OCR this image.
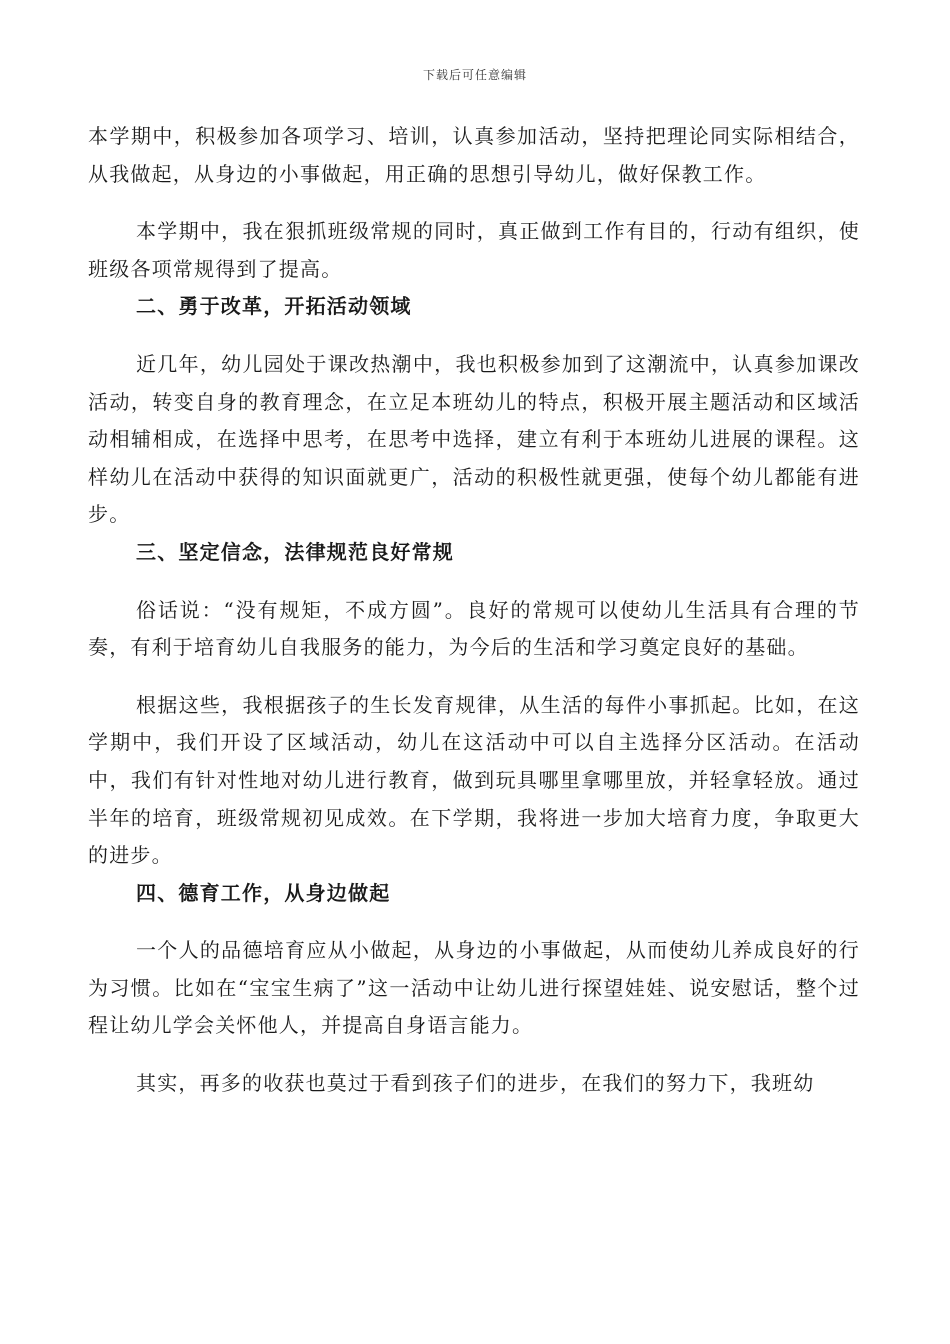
下载后可任意编辑

本学期中，积极参加各项学习、培训，认真参加活动，坚持把理论同实际相结合，从我做起，从身边的小事做起，用正确的思想引导幼儿，做好保教工作。

本学期中，我在狠抓班级常规的同时，真正做到工作有目的，行动有组织，使班级各项常规得到了提高。

二、勇于改革，开拓活动领域

近几年，幼儿园处于课改热潮中，我也积极参加到了这潮流中，认真参加课改活动，转变自身的教育理念，在立足本班幼儿的特点，积极开展主题活动和区域活动相辅相成，在选择中思考，在思考中选择，建立有利于本班幼儿进展的课程。这样幼儿在活动中获得的知识面就更广，活动的积极性就更强，使每个幼儿都能有进步。

三、坚定信念，法律规范良好常规

俗话说：“没有规矩，不成方圆”。良好的常规可以使幼儿生活具有合理的节奏，有利于培育幼儿自我服务的能力，为今后的生活和学习奠定良好的基础。

根据这些，我根据孩子的生长发育规律，从生活的每件小事抓起。比如，在这学期中，我们开设了区域活动，幼儿在这活动中可以自主选择分区活动。在活动中，我们有针对性地对幼儿进行教育，做到玩具哪里拿哪里放，并轻拿轻放。通过半年的培育，班级常规初见成效。在下学期，我将进一步加大培育力度，争取更大的进步。

四、德育工作，从身边做起

一个人的品德培育应从小做起，从身边的小事做起，从而使幼儿养成良好的行为习惯。比如在“宝宝生病了”这一活动中让幼儿进行探望娃娃、说安慰话，整个过程让幼儿学会关怀他人，并提高自身语言能力。

其实，再多的收获也莫过于看到孩子们的进步，在我们的努力下，我班幼
